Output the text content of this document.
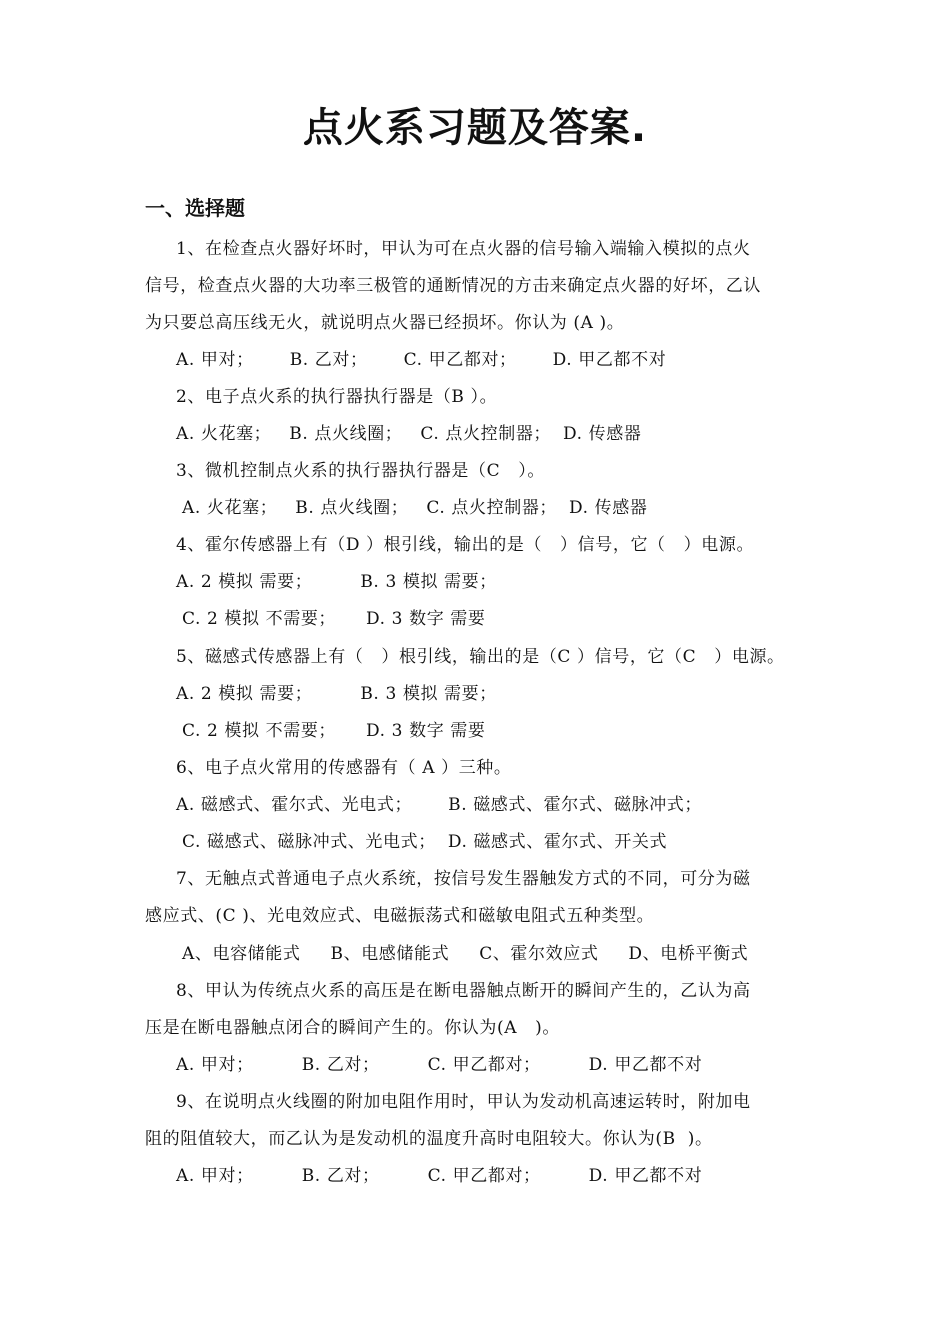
点火系习题及答案.
一、选择题
1、在检查点火器好坏时，甲认为可在点火器的信号输入端输入模拟的点火
信号，检查点火器的大功率三极管的通断情况的方击来确定点火器的好坏，乙认
为只要总高压线无火，就说明点火器已经损坏。你认为 (A )。
A. 甲对；      B. 乙对；      C. 甲乙都对；      D. 甲乙都不对
2、电子点火系的执行器执行器是（B ）。
A. 火花塞；   B. 点火线圈；   C. 点火控制器；  D. 传感器
3、微机控制点火系的执行器执行器是（C   ）。
A. 火花塞；   B. 点火线圈；   C. 点火控制器；  D. 传感器
4、霍尔传感器上有（D ）根引线，输出的是（   ）信号，它（   ）电源。
A. 2 模拟 需要；        B. 3 模拟 需要；
C. 2 模拟 不需要；     D. 3 数字 需要
5、磁感式传感器上有（   ）根引线，输出的是（C ）信号，它（C   ）电源。
A. 2 模拟 需要；        B. 3 模拟 需要；
C. 2 模拟 不需要；     D. 3 数字 需要
6、电子点火常用的传感器有（ A ）三种。
A. 磁感式、霍尔式、光电式；      B. 磁感式、霍尔式、磁脉冲式；
C. 磁感式、磁脉冲式、光电式；  D. 磁感式、霍尔式、开关式
7、无触点式普通电子点火系统，按信号发生器触发方式的不同，可分为磁
感应式、(C )、光电效应式、电磁振荡式和磁敏电阻式五种类型。
A、电容储能式     B、电感储能式     C、霍尔效应式     D、电桥平衡式
8、甲认为传统点火系的高压是在断电器触点断开的瞬间产生的，乙认为高
压是在断电器触点闭合的瞬间产生的。你认为(A   )。
A. 甲对；        B. 乙对；        C. 甲乙都对；        D. 甲乙都不对
9、在说明点火线圈的附加电阻作用时，甲认为发动机高速运转时，附加电
阻的阻值较大，而乙认为是发动机的温度升高时电阻较大。你认为(B  )。
A. 甲对；        B. 乙对；        C. 甲乙都对；        D. 甲乙都不对
